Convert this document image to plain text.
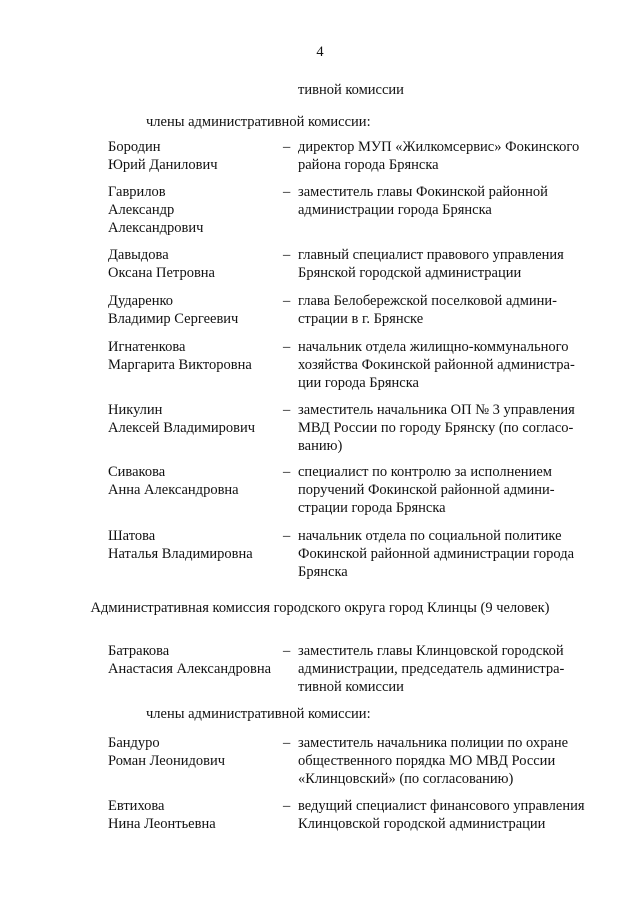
4
тивной комиссии
члены административной комиссии:
Бородин
Юрий Данилович
– директор МУП «Жилкомсервис» Фокинского
района города Брянска
Гаврилов
Александр
Александрович
– заместитель главы Фокинской районной
администрации города Брянска
Давыдова
Оксана Петровна
– главный специалист правового управления
Брянской городской администрации
Дударенко
Владимир Сергеевич
– глава Белобережской поселковой админи-
страции в г. Брянске
Игнатенкова
Маргарита Викторовна
– начальник отдела жилищно-коммунального
хозяйства Фокинской районной администра-
ции города Брянска
Никулин
Алексей Владимирович
– заместитель начальника ОП № 3 управления
МВД России по городу Брянску (по согласо-
ванию)
Сивакова
Анна Александровна
– специалист по контролю за исполнением
поручений Фокинской районной админи-
страции города Брянска
Шатова
Наталья Владимировна
– начальник отдела по социальной политике
Фокинской районной администрации города
Брянска
Административная комиссия городского округа город Клинцы (9 человек)
Батракова
Анастасия Александровна
– заместитель главы Клинцовской городской
администрации, председатель администра-
тивной комиссии
члены административной комиссии:
Бандуро
Роман Леонидович
– заместитель начальника полиции по охране
общественного порядка МО МВД России
«Клинцовский» (по согласованию)
Евтихова
Нина Леонтьевна
– ведущий специалист финансового управления
Клинцовской городской администрации
